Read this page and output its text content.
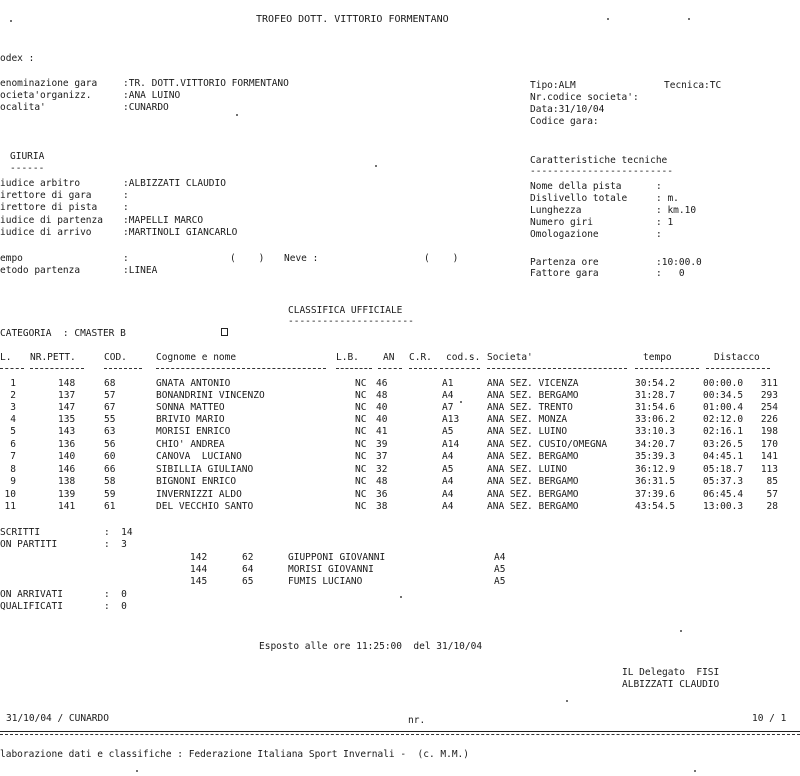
TROFEO DOTT. VITTORIO FORMENTANO
odex :
enominazione gara	:TR. DOTT.VITTORIO FORMENTANO
ocieta'organizz.	:ANA LUINO
ocalita'	:CUNARDO
Tipo:ALM	Tecnica:TC
Nr.codice societa':
Data:31/10/04
Codice gara:
GIURIA
------
iudice arbitro	:ALBIZZATI CLAUDIO
irettore di gara	:
irettore di pista	:
iudice di partenza :MAPELLI MARCO
iudice di arrivo	:MARTINOLI GIANCARLO
Caratteristiche tecniche
-------------------------
Nome della pista	:
Dislivello totale	: m.
Lunghezza	: km.10
Numero giri	: 1
Omologazione	:
empo	:	(    ) Neve :	(    )
etodo partenza	:LINEA
Partenza ore	:10:00.0
Fattore gara	:   0
CLASSIFICA UFFICIALE
----------------------
CATEGORIA  : CMASTER B
L. NR.PETT.	COD.	Cognome e nome	L.B.	AN C.R. cod.s. Societa'	tempo	Distacco
1	148	68	GNATA ANTONIO	NC 46	A1	ANA SEZ. VICENZA	30:54.2	00:00.0	311
2	137	57	BONANDRINI VINCENZO	NC 48	A4	ANA SEZ. BERGAMO	31:28.7	00:34.5	293
3	147	67	SONNA MATTEO	NC 40	A7	ANA SEZ. TRENTO	31:54.6	01:00.4	254
4	135	55	BRIVIO MARIO	NC 40	A13	ANA SEZ. MONZA	33:06.2	02:12.0	226
5	143	63	MORISI ENRICO	NC 41	A5	ANA SEZ. LUINO	33:10.3	02:16.1	198
6	136	56	CHIO' ANDREA	NC 39	A14	ANA SEZ. CUSIO/OMEGNA	34:20.7	03:26.5	170
7	140	60	CANOVA  LUCIANO	NC 37	A4	ANA SEZ. BERGAMO	35:39.3	04:45.1	141
8	146	66	SIBILLIA GIULIANO	NC 32	A5	ANA SEZ. LUINO	36:12.9	05:18.7	113
9	138	58	BIGNONI ENRICO	NC 48	A4	ANA SEZ. BERGAMO	36:31.5	05:37.3	85
10	139	59	INVERNIZZI ALDO	NC 36	A4	ANA SEZ. BERGAMO	37:39.6	06:45.4	57
11	141	61	DEL VECCHIO SANTO	NC 38	A4	ANA SEZ. BERGAMO	43:54.5	13:00.3	28
SCRITTI	:  14
ON PARTITI	:  3
142	62	GIUPPONI GIOVANNI	A4
144	64	MORISI GIOVANNI	A5
145	65	FUMIS LUCIANO	A5
ON ARRIVATI	:  0
QUALIFICATI	:  0
Esposto alle ore 11:25:00  del 31/10/04
IL Delegato  FISI
ALBIZZATI CLAUDIO
31/10/04 / CUNARDO	nr.	10 / 1
laborazione dati e classifiche : Federazione Italiana Sport Invernali -  (c. M.M.)
